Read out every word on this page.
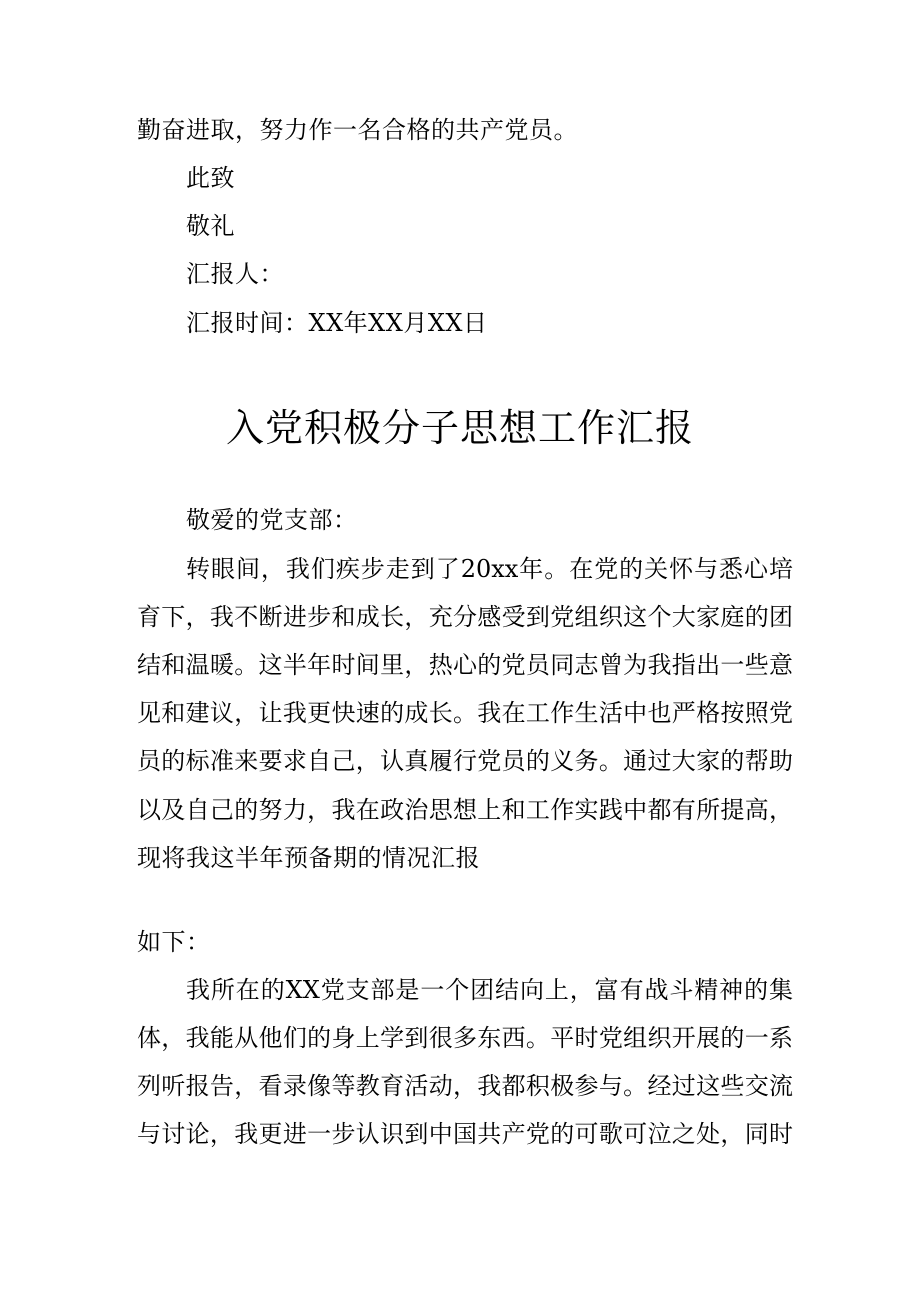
勤奋进取，努力作一名合格的共产党员。
此致
敬礼
汇报人：
汇报时间：XX年XX月XX日
入党积极分子思想工作汇报
敬爱的党支部：
转眼间，我们疾步走到了20xx年。在党的关怀与悉心培
育下，我不断进步和成长，充分感受到党组织这个大家庭的团
结和温暖。这半年时间里，热心的党员同志曾为我指出一些意
见和建议，让我更快速的成长。我在工作生活中也严格按照党
员的标准来要求自己，认真履行党员的义务。通过大家的帮助
以及自己的努力，我在政治思想上和工作实践中都有所提高，
现将我这半年预备期的情况汇报
如下：
我所在的XX党支部是一个团结向上，富有战斗精神的集
体，我能从他们的身上学到很多东西。平时党组织开展的一系
列听报告，看录像等教育活动，我都积极参与。经过这些交流
与讨论，我更进一步认识到中国共产党的可歌可泣之处，同时
